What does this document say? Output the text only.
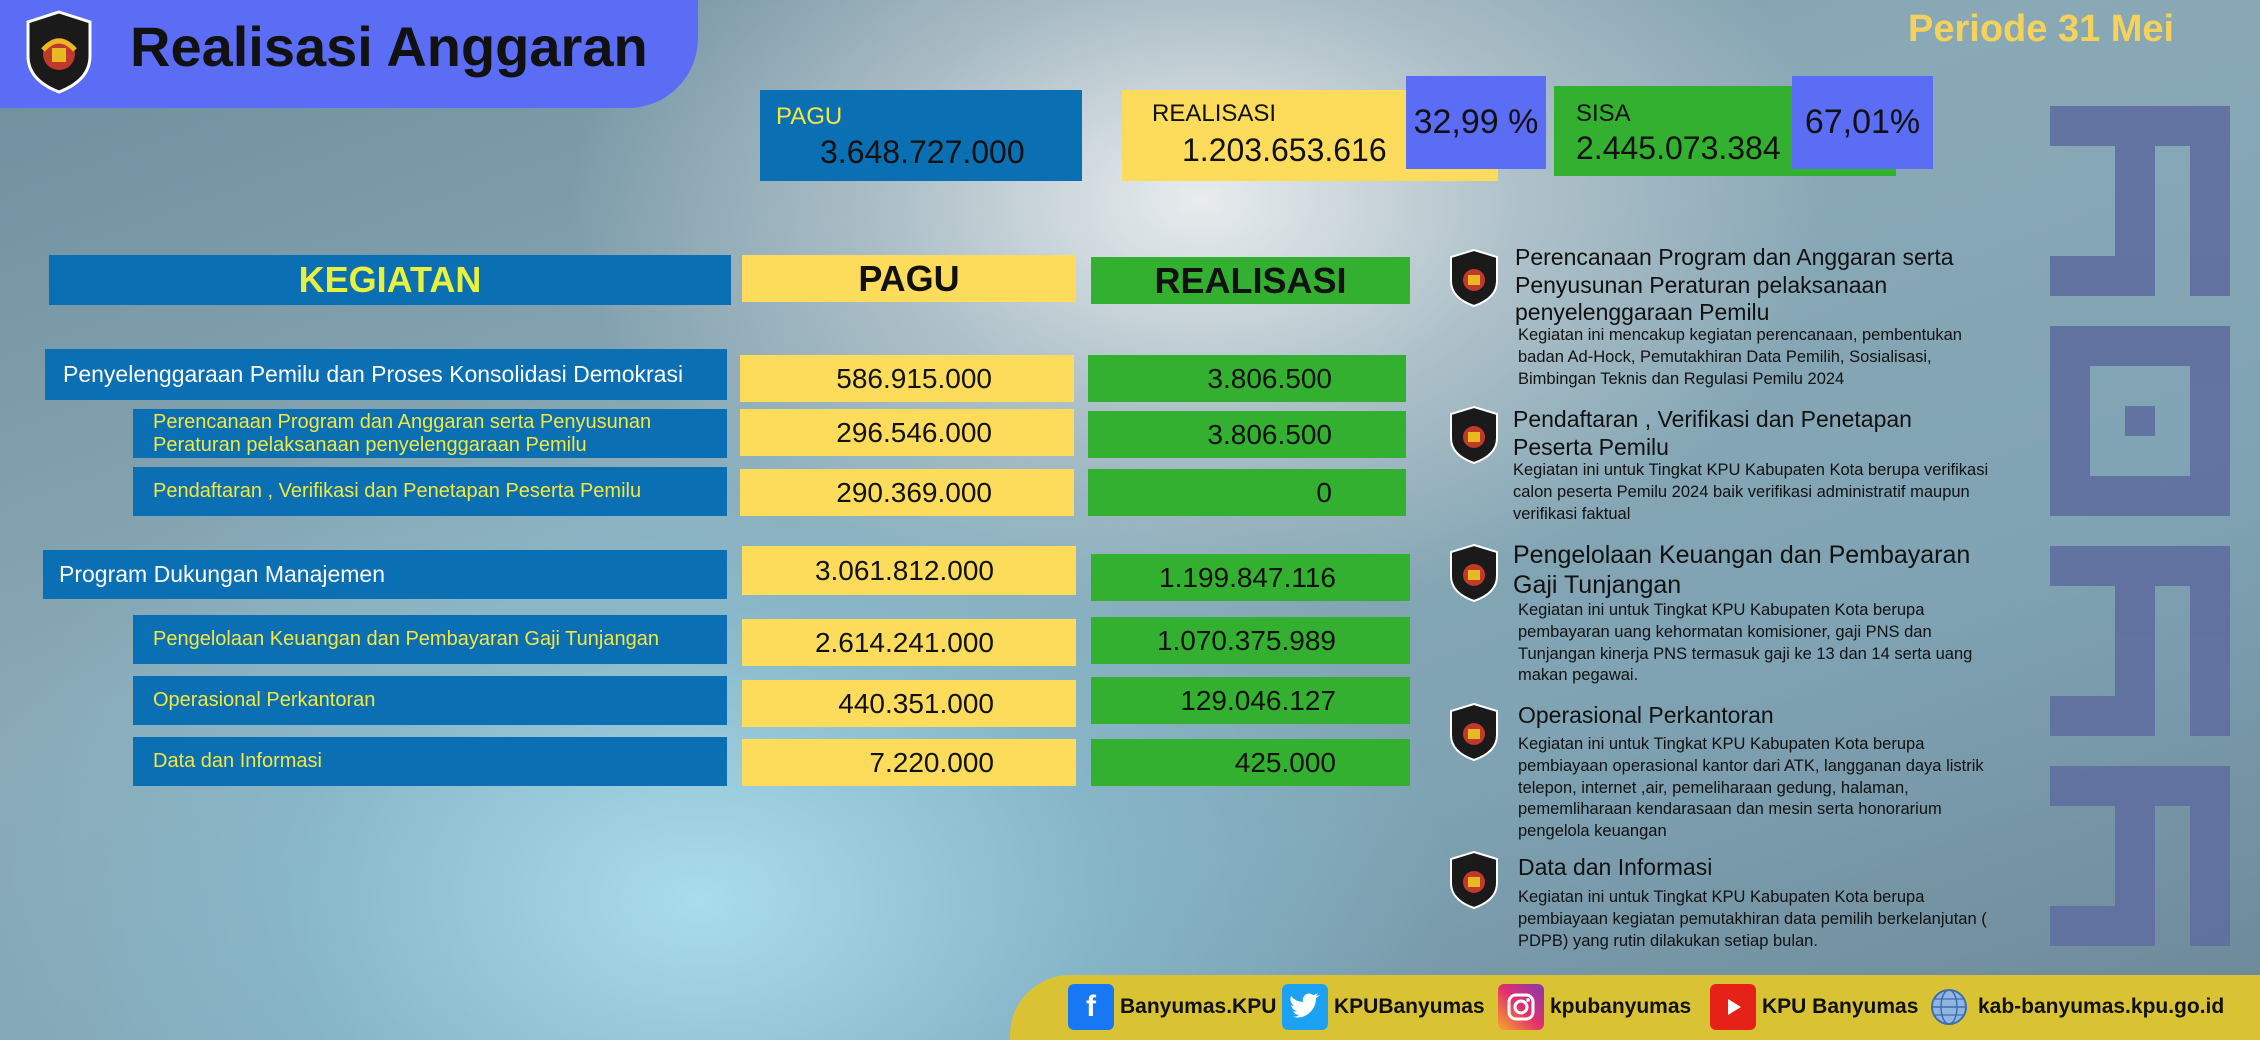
Realisasi Anggaran	Periode 31 Mei
PAGU
3.648.727.000
REALISASI
1.203.653.616
32,99 %	SISA
2.445.073.384
67,01%
KEGIATAN	PAGU	REALISASI
Penyelenggaraan Pemilu dan Proses Konsolidasi Demokrasi	586.915.000	3.806.500
Perencanaan Program dan Anggaran serta Penyusunan Peraturan pelaksanaan penyelenggaraan Pemilu	296.546.000	3.806.500
Pendaftaran , Verifikasi dan Penetapan Peserta Pemilu	290.369.000	0
Program Dukungan Manajemen	3.061.812.000	1.199.847.116
Pengelolaan Keuangan dan Pembayaran Gaji Tunjangan	2.614.241.000	1.070.375.989
Operasional Perkantoran	440.351.000	129.046.127
Data dan Informasi	7.220.000	425.000
Perencanaan Program dan Anggaran serta Penyusunan Peraturan pelaksanaan penyelenggaraan Pemilu
Kegiatan ini mencakup kegiatan perencanaan, pembentukan badan Ad-Hock, Pemutakhiran Data Pemilih, Sosialisasi, Bimbingan Teknis dan Regulasi Pemilu 2024
Pendaftaran , Verifikasi dan Penetapan Peserta Pemilu
Kegiatan ini untuk Tingkat KPU Kabupaten Kota berupa verifikasi calon peserta Pemilu 2024 baik verifikasi administratif maupun verifikasi faktual
Pengelolaan Keuangan dan Pembayaran Gaji Tunjangan
Kegiatan ini untuk Tingkat KPU Kabupaten Kota berupa pembayaran uang kehormatan komisioner, gaji PNS dan Tunjangan kinerja PNS termasuk gaji ke 13 dan 14 serta uang makan pegawai.
Operasional Perkantoran
Kegiatan ini untuk Tingkat KPU Kabupaten Kota berupa pembiayaan operasional kantor dari ATK, langganan daya listrik telepon, internet ,air, pemeliharaan gedung, halaman, pememliharaan kendarasaan dan mesin serta honorarium pengelola keuangan
Data dan Informasi
Kegiatan ini untuk Tingkat KPU Kabupaten Kota berupa pembiayaan kegiatan pemutakhiran data pemilih berkelanjutan ( PDPB) yang rutin dilakukan setiap bulan.
f	Banyumas.KPU	KPUBanyumas	kpubanyumas	KPU Banyumas	kab-banyumas.kpu.go.id
